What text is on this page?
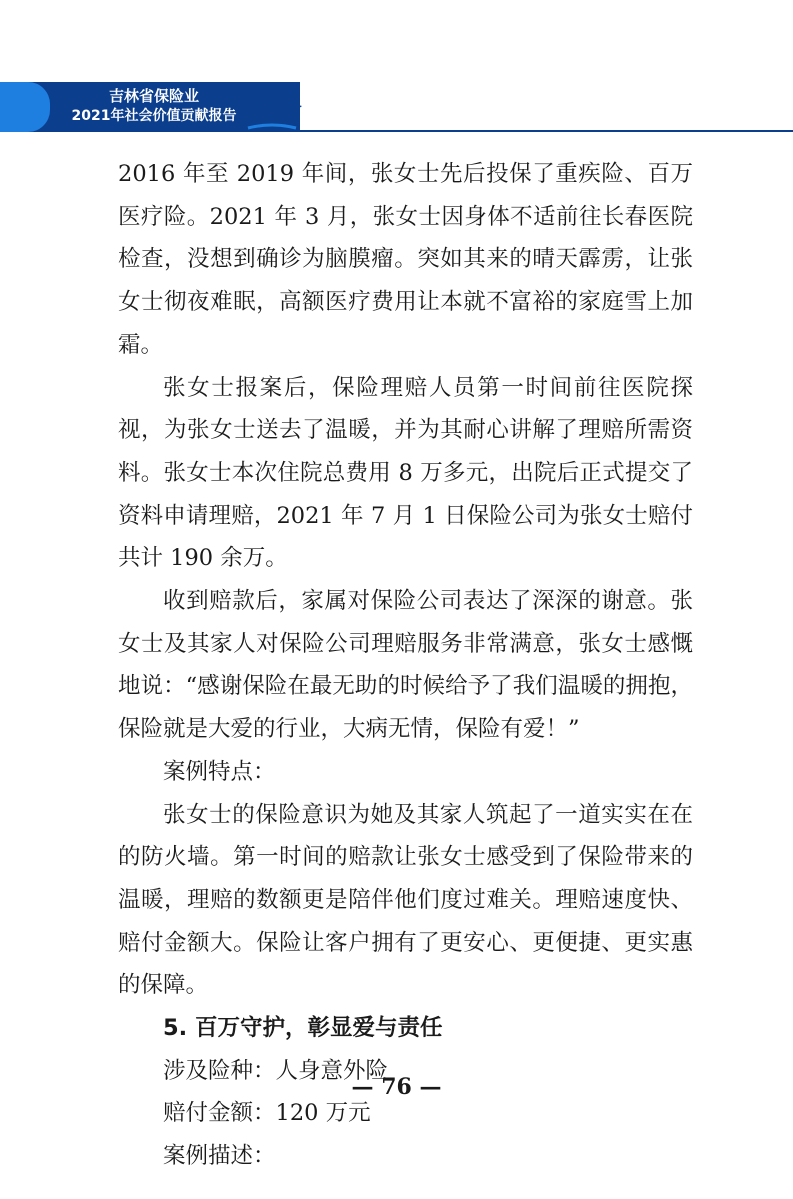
吉林省保险业
2021年社会价值贡献报告

2016 年至 2019 年间，张女士先后投保了重疾险、百万医疗险。2021 年 3 月，张女士因身体不适前往长春医院检查，没想到确诊为脑膜瘤。突如其来的晴天霹雳，让张女士彻夜难眠，高额医疗费用让本就不富裕的家庭雪上加霜。

张女士报案后，保险理赔人员第一时间前往医院探视，为张女士送去了温暖，并为其耐心讲解了理赔所需资料。张女士本次住院总费用 8 万多元，出院后正式提交了资料申请理赔，2021 年 7 月 1 日保险公司为张女士赔付共计 190 余万。

收到赔款后，家属对保险公司表达了深深的谢意。张女士及其家人对保险公司理赔服务非常满意，张女士感慨地说：“感谢保险在最无助的时候给予了我们温暖的拥抱，保险就是大爱的行业，大病无情，保险有爱！”

案例特点：

张女士的保险意识为她及其家人筑起了一道实实在在的防火墙。第一时间的赔款让张女士感受到了保险带来的温暖，理赔的数额更是陪伴他们度过难关。理赔速度快、赔付金额大。保险让客户拥有了更安心、更便捷、更实惠的保障。

5. 百万守护，彰显爱与责任

涉及险种：人身意外险

赔付金额：120 万元

案例描述：

— 76 —
